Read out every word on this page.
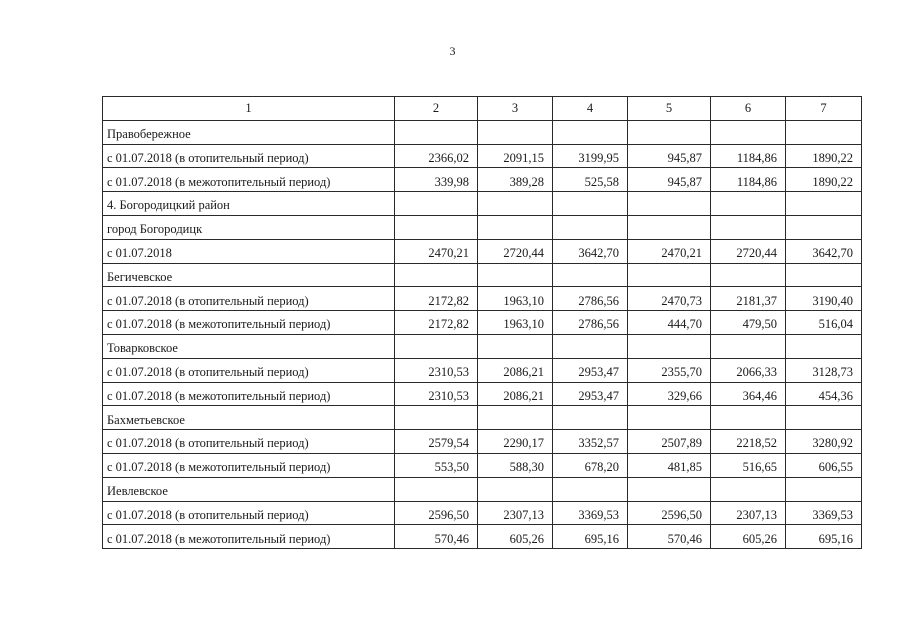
3
1	2	3	4	5	6	7
Правобережное						
с 01.07.2018 (в отопительный период)	2366,02	2091,15	3199,95	945,87	1184,86	1890,22
с 01.07.2018 (в межотопительный период)	339,98	389,28	525,58	945,87	1184,86	1890,22
4. Богородицкий район						
город Богородицк						
с 01.07.2018	2470,21	2720,44	3642,70	2470,21	2720,44	3642,70
Бегичевское						
с 01.07.2018 (в отопительный период)	2172,82	1963,10	2786,56	2470,73	2181,37	3190,40
с 01.07.2018 (в межотопительный период)	2172,82	1963,10	2786,56	444,70	479,50	516,04
Товарковское						
с 01.07.2018 (в отопительный период)	2310,53	2086,21	2953,47	2355,70	2066,33	3128,73
с 01.07.2018 (в межотопительный период)	2310,53	2086,21	2953,47	329,66	364,46	454,36
Бахметьевское						
с 01.07.2018 (в отопительный период)	2579,54	2290,17	3352,57	2507,89	2218,52	3280,92
с 01.07.2018 (в межотопительный период)	553,50	588,30	678,20	481,85	516,65	606,55
Иевлевское						
с 01.07.2018 (в отопительный период)	2596,50	2307,13	3369,53	2596,50	2307,13	3369,53
с 01.07.2018 (в межотопительный период)	570,46	605,26	695,16	570,46	605,26	695,16
